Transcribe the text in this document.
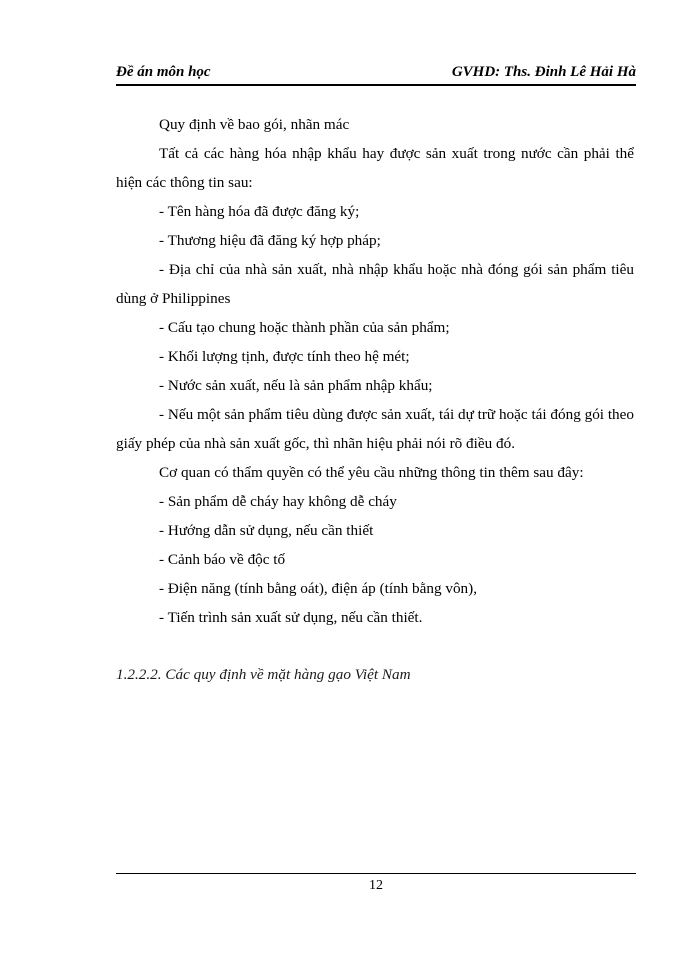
Đề án môn học	GVHD: Ths. Đinh Lê Hải Hà

Quy định về bao gói, nhãn mác

Tất cả các hàng hóa nhập khẩu hay được sản xuất trong nước cần phải thể hiện các thông tin sau:

- Tên hàng hóa đã được đăng ký;

- Thương hiệu đã đăng ký hợp pháp;

- Địa chỉ của nhà sản xuất, nhà nhập khẩu hoặc nhà đóng gói sản phẩm tiêu dùng ở Philippines

- Cấu tạo chung hoặc thành phần của sản phẩm;

- Khối lượng tịnh, được tính theo hệ mét;

- Nước sản xuất, nếu là sản phẩm nhập khẩu;

- Nếu một sản phẩm tiêu dùng được sản xuất, tái dự trữ hoặc tái đóng gói theo giấy phép của nhà sản xuất gốc, thì nhãn hiệu phải nói rõ điều đó.

Cơ quan có thẩm quyền có thể yêu cầu những thông tin thêm sau đây:

- Sản phẩm dễ cháy hay không dễ cháy

- Hướng dẫn sử dụng, nếu cần thiết

- Cảnh báo về độc tố

- Điện năng (tính bằng oát), điện áp (tính bằng vôn),

- Tiến trình sản xuất sử dụng, nếu cần thiết.

1.2.2.2. Các quy định về mặt hàng gạo Việt Nam
12
